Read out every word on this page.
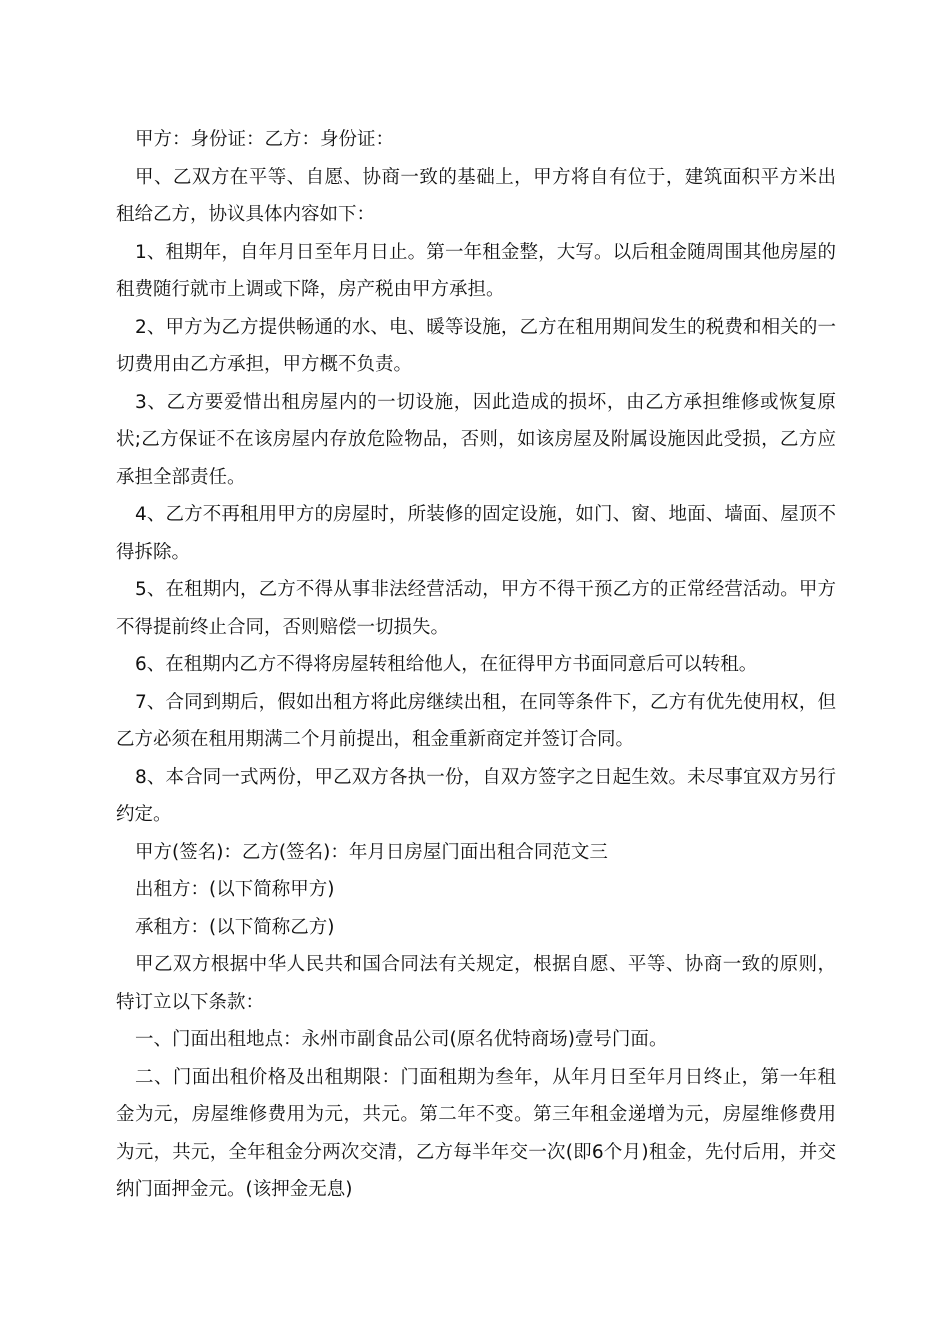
甲方：身份证：乙方：身份证：

甲、乙双方在平等、自愿、协商一致的基础上，甲方将自有位于，建筑面积平方米出租给乙方，协议具体内容如下：

1、租期年，自年月日至年月日止。第一年租金整，大写。以后租金随周围其他房屋的租费随行就市上调或下降，房产税由甲方承担。

2、甲方为乙方提供畅通的水、电、暖等设施，乙方在租用期间发生的税费和相关的一切费用由乙方承担，甲方概不负责。

3、乙方要爱惜出租房屋内的一切设施，因此造成的损坏，由乙方承担维修或恢复原状;乙方保证不在该房屋内存放危险物品，否则，如该房屋及附属设施因此受损，乙方应承担全部责任。

4、乙方不再租用甲方的房屋时，所装修的固定设施，如门、窗、地面、墙面、屋顶不得拆除。

5、在租期内，乙方不得从事非法经营活动，甲方不得干预乙方的正常经营活动。甲方不得提前终止合同，否则赔偿一切损失。

6、在租期内乙方不得将房屋转租给他人，在征得甲方书面同意后可以转租。

7、合同到期后，假如出租方将此房继续出租，在同等条件下，乙方有优先使用权，但乙方必须在租用期满二个月前提出，租金重新商定并签订合同。

8、本合同一式两份，甲乙双方各执一份，自双方签字之日起生效。未尽事宜双方另行约定。

甲方(签名)：乙方(签名)：年月日房屋门面出租合同范文三

出租方：(以下简称甲方)

承租方：(以下简称乙方)

甲乙双方根据中华人民共和国合同法有关规定，根据自愿、平等、协商一致的原则，特订立以下条款：

一、门面出租地点：永州市副食品公司(原名优特商场)壹号门面。

二、门面出租价格及出租期限：门面租期为叁年，从年月日至年月日终止，第一年租金为元，房屋维修费用为元，共元。第二年不变。第三年租金递增为元，房屋维修费用为元，共元，全年租金分两次交清，乙方每半年交一次(即6个月)租金，先付后用，并交纳门面押金元。(该押金无息)
